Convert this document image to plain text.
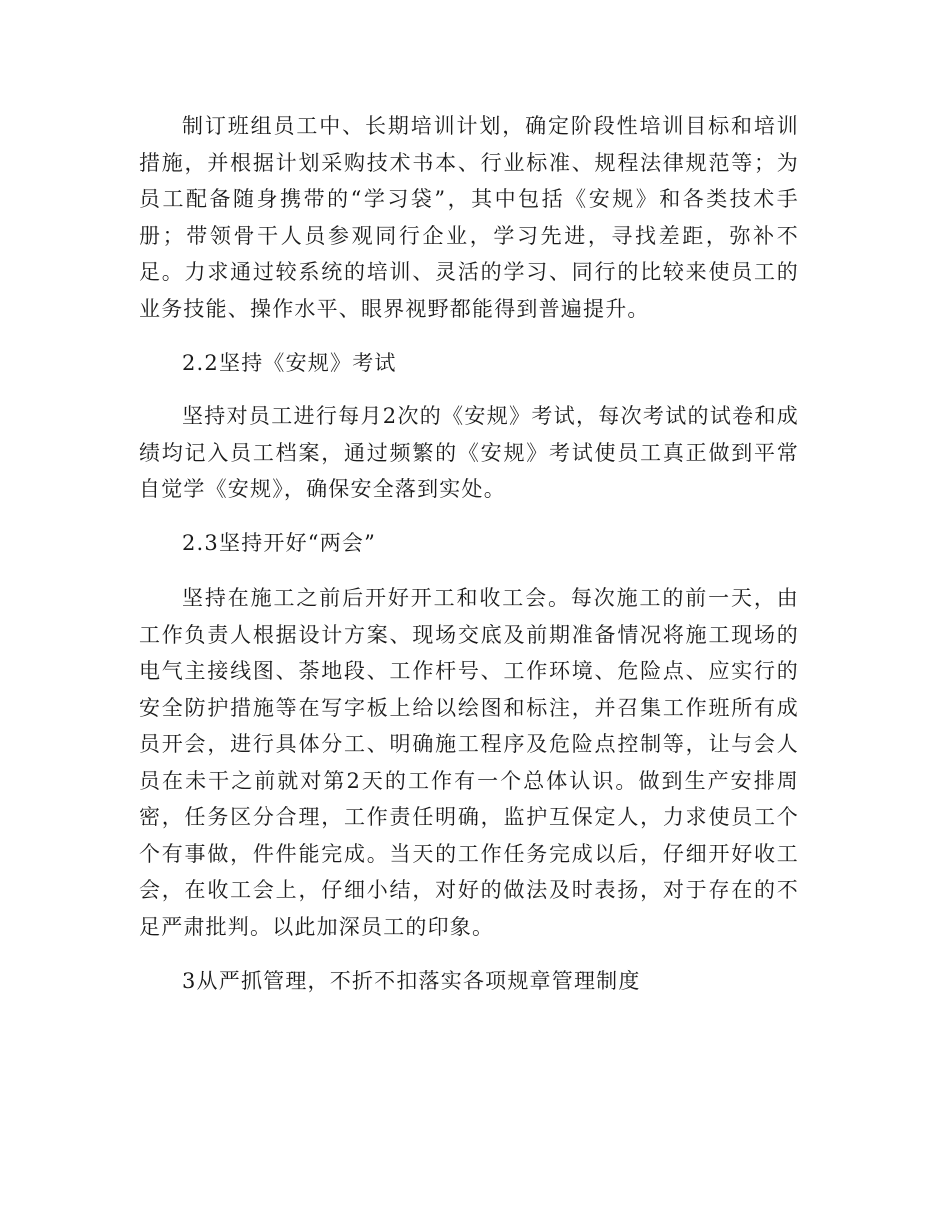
制订班组员工中、长期培训计划，确定阶段性培训目标和培训措施，并根据计划采购技术书本、行业标准、规程法律规范等；为员工配备随身携带的“学习袋”，其中包括《安规》和各类技术手册；带领骨干人员参观同行企业，学习先进，寻找差距，弥补不足。力求通过较系统的培训、灵活的学习、同行的比较来使员工的业务技能、操作水平、眼界视野都能得到普遍提升。

2.2坚持《安规》考试

坚持对员工进行每月2次的《安规》考试，每次考试的试卷和成绩均记入员工档案，通过频繁的《安规》考试使员工真正做到平常自觉学《安规》，确保安全落到实处。

2.3坚持开好“两会”

坚持在施工之前后开好开工和收工会。每次施工的前一天，由工作负责人根据设计方案、现场交底及前期准备情况将施工现场的电气主接线图、荼地段、工作杆号、工作环境、危险点、应实行的安全防护措施等在写字板上给以绘图和标注，并召集工作班所有成员开会，进行具体分工、明确施工程序及危险点控制等，让与会人员在未干之前就对第2天的工作有一个总体认识。做到生产安排周密，任务区分合理，工作责任明确，监护互保定人，力求使员工个个有事做，件件能完成。当天的工作任务完成以后，仔细开好收工会，在收工会上，仔细小结，对好的做法及时表扬，对于存在的不足严肃批判。以此加深员工的印象。

3从严抓管理，不折不扣落实各项规章管理制度
